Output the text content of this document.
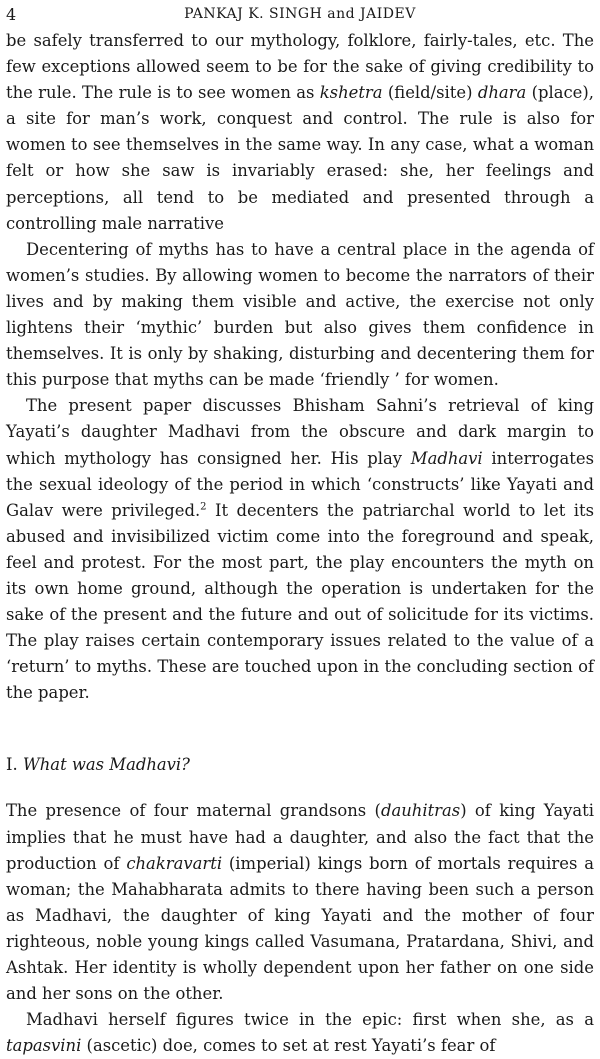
4	PANKAJ K. SINGH and JAIDEV

be safely transferred to our mythology, folklore, fairly-tales, etc. The few exceptions allowed seem to be for the sake of giving credibility to the rule. The rule is to see women as kshetra (field/site) dhara (place), a site for man’s work, conquest and control. The rule is also for women to see themselves in the same way. In any case, what a woman felt or how she saw is invariably erased: she, her feelings and perceptions, all tend to be mediated and presented through a controlling male narrative

Decentering of myths has to have a central place in the agenda of women’s studies. By allowing women to become the narrators of their lives and by making them visible and active, the exercise not only lightens their ‘mythic’ burden but also gives them confidence in themselves. It is only by shaking, disturbing and decentering them for this purpose that myths can be made ‘friendly ’ for women.

The present paper discusses Bhisham Sahni’s retrieval of king Yayati’s daughter Madhavi from the obscure and dark margin to which mythology has consigned her. His play Madhavi interrogates the sexual ideology of the period in which ‘constructs’ like Yayati and Galav were privileged.$^2$ It decenters the patriarchal world to let its abused and invisibilized victim come into the foreground and speak, feel and protest. For the most part, the play encounters the myth on its own home ground, although the operation is undertaken for the sake of the present and the future and out of solicitude for its victims. The play raises certain contemporary issues related to the value of a ‘return’ to myths. These are touched upon in the concluding section of the paper.

I. What was Madhavi?

The presence of four maternal grandsons (dauhitras) of king Yayati implies that he must have had a daughter, and also the fact that the production of chakravarti (imperial) kings born of mortals requires a woman; the Mahabharata admits to there having been such a person as Madhavi, the daughter of king Yayati and the mother of four righteous, noble young kings called Vasumana, Pratardana, Shivi, and Ashtak. Her identity is wholly dependent upon her father on one side and her sons on the other.

Madhavi herself figures twice in the epic: first when she, as a tapasvini (ascetic) doe, comes to set at rest Yayati’s fear of
